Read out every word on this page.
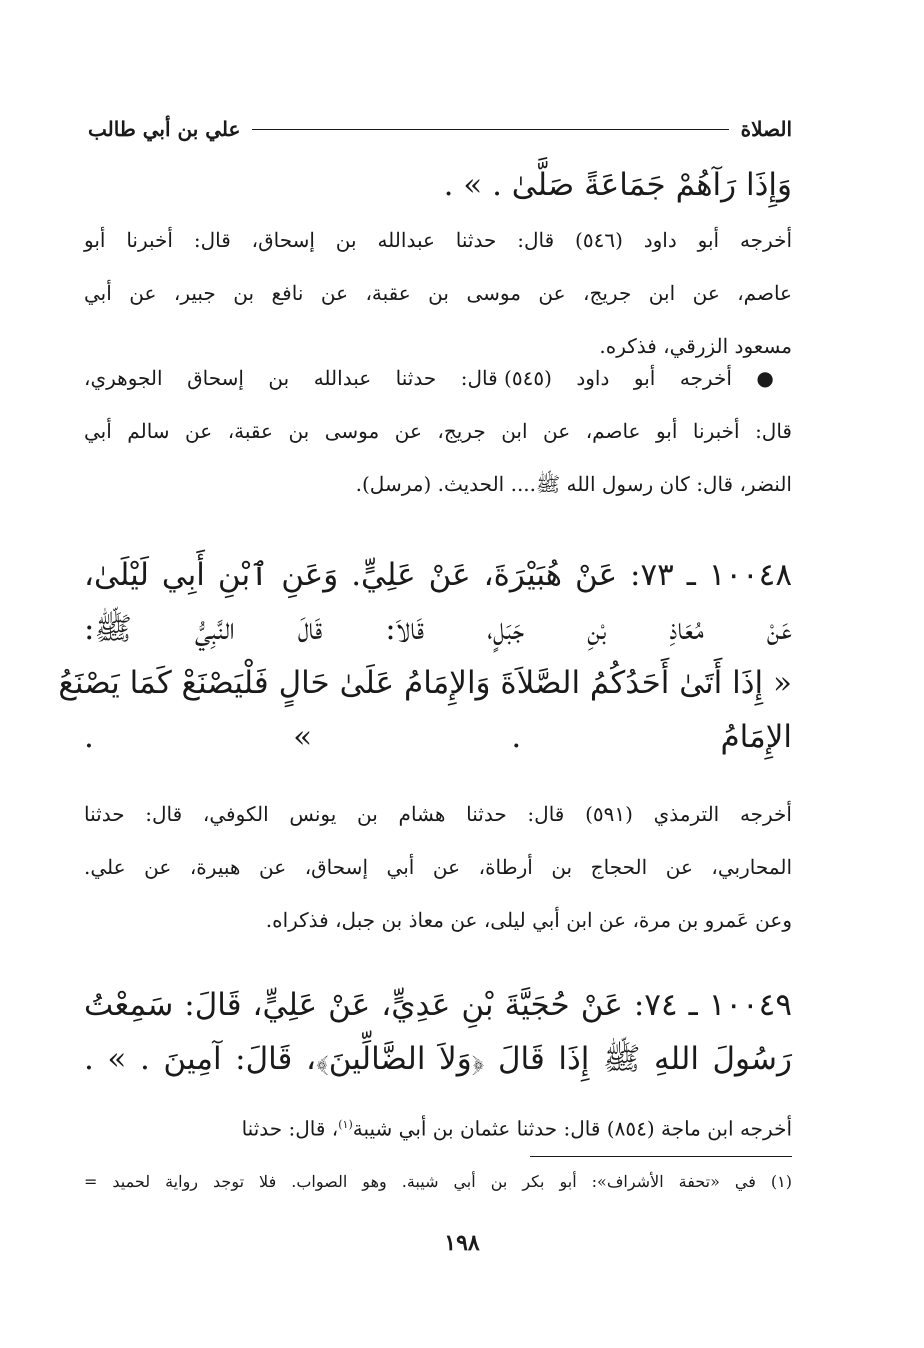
الصلاة
علي بن أبي طالب
وَإِذَا رَآهُمْ جَمَاعَةً صَلَّىٰ . » .
أخرجه أبو داود (٥٤٦) قال: حدثنا عبدالله بن إسحاق، قال: أخبرنا أبو
عاصم، عن ابن جريج، عن موسى بن عقبة، عن نافع بن جبير، عن أبي
مسعود الزرقي، فذكره.
● أخرجه أبو داود (٥٤٥) قال: حدثنا عبدالله بن إسحاق الجوهري،
قال: أخبرنا أبو عاصم، عن ابن جريج، عن موسى بن عقبة، عن سالم أبي
النضر، قال: كان رسول الله ﷺ.... الحديث. (مرسل).
١٠٠٤٨ ـ ٧٣: عَنْ هُبَيْرَةَ، عَنْ عَلِيٍّ. وَعَنِ ٱبْنِ أَبِي لَيْلَىٰ،
عَنْ مُعَاذِ بْنِ جَبَلٍ، قَالاَ: قَالَ النَّبِيُّ ﷺ:
« إِذَا أَتَىٰ أَحَدُكُمُ الصَّلاَةَ وَالإِمَامُ عَلَىٰ حَالٍ فَلْيَصْنَعْ كَمَا يَصْنَعُ
الإِمَامُ . » .
أخرجه الترمذي (٥٩١) قال: حدثنا هشام بن يونس الكوفي، قال: حدثنا
المحاربي، عن الحجاج بن أرطاة، عن أبي إسحاق، عن هبيرة، عن علي.
وعن عَمرو بن مرة، عن ابن أبي ليلى، عن معاذ بن جبل، فذكراه.
١٠٠٤٩ ـ ٧٤: عَنْ حُجَيَّةَ بْنِ عَدِيٍّ، عَنْ عَلِيٍّ، قَالَ: سَمِعْتُ
رَسُولَ اللهِ ﷺ إِذَا قَالَ ﴿وَلاَ الضَّالِّينَ﴾، قَالَ: آمِينَ . » .
أخرجه ابن ماجة (٨٥٤) قال: حدثنا عثمان بن أبي شيبة$^{(١)}$، قال: حدثنا
(١) في «تحفة الأشراف»: أبو بكر بن أبي شيبة. وهو الصواب. فلا توجد رواية لحميد =
١٩٨
